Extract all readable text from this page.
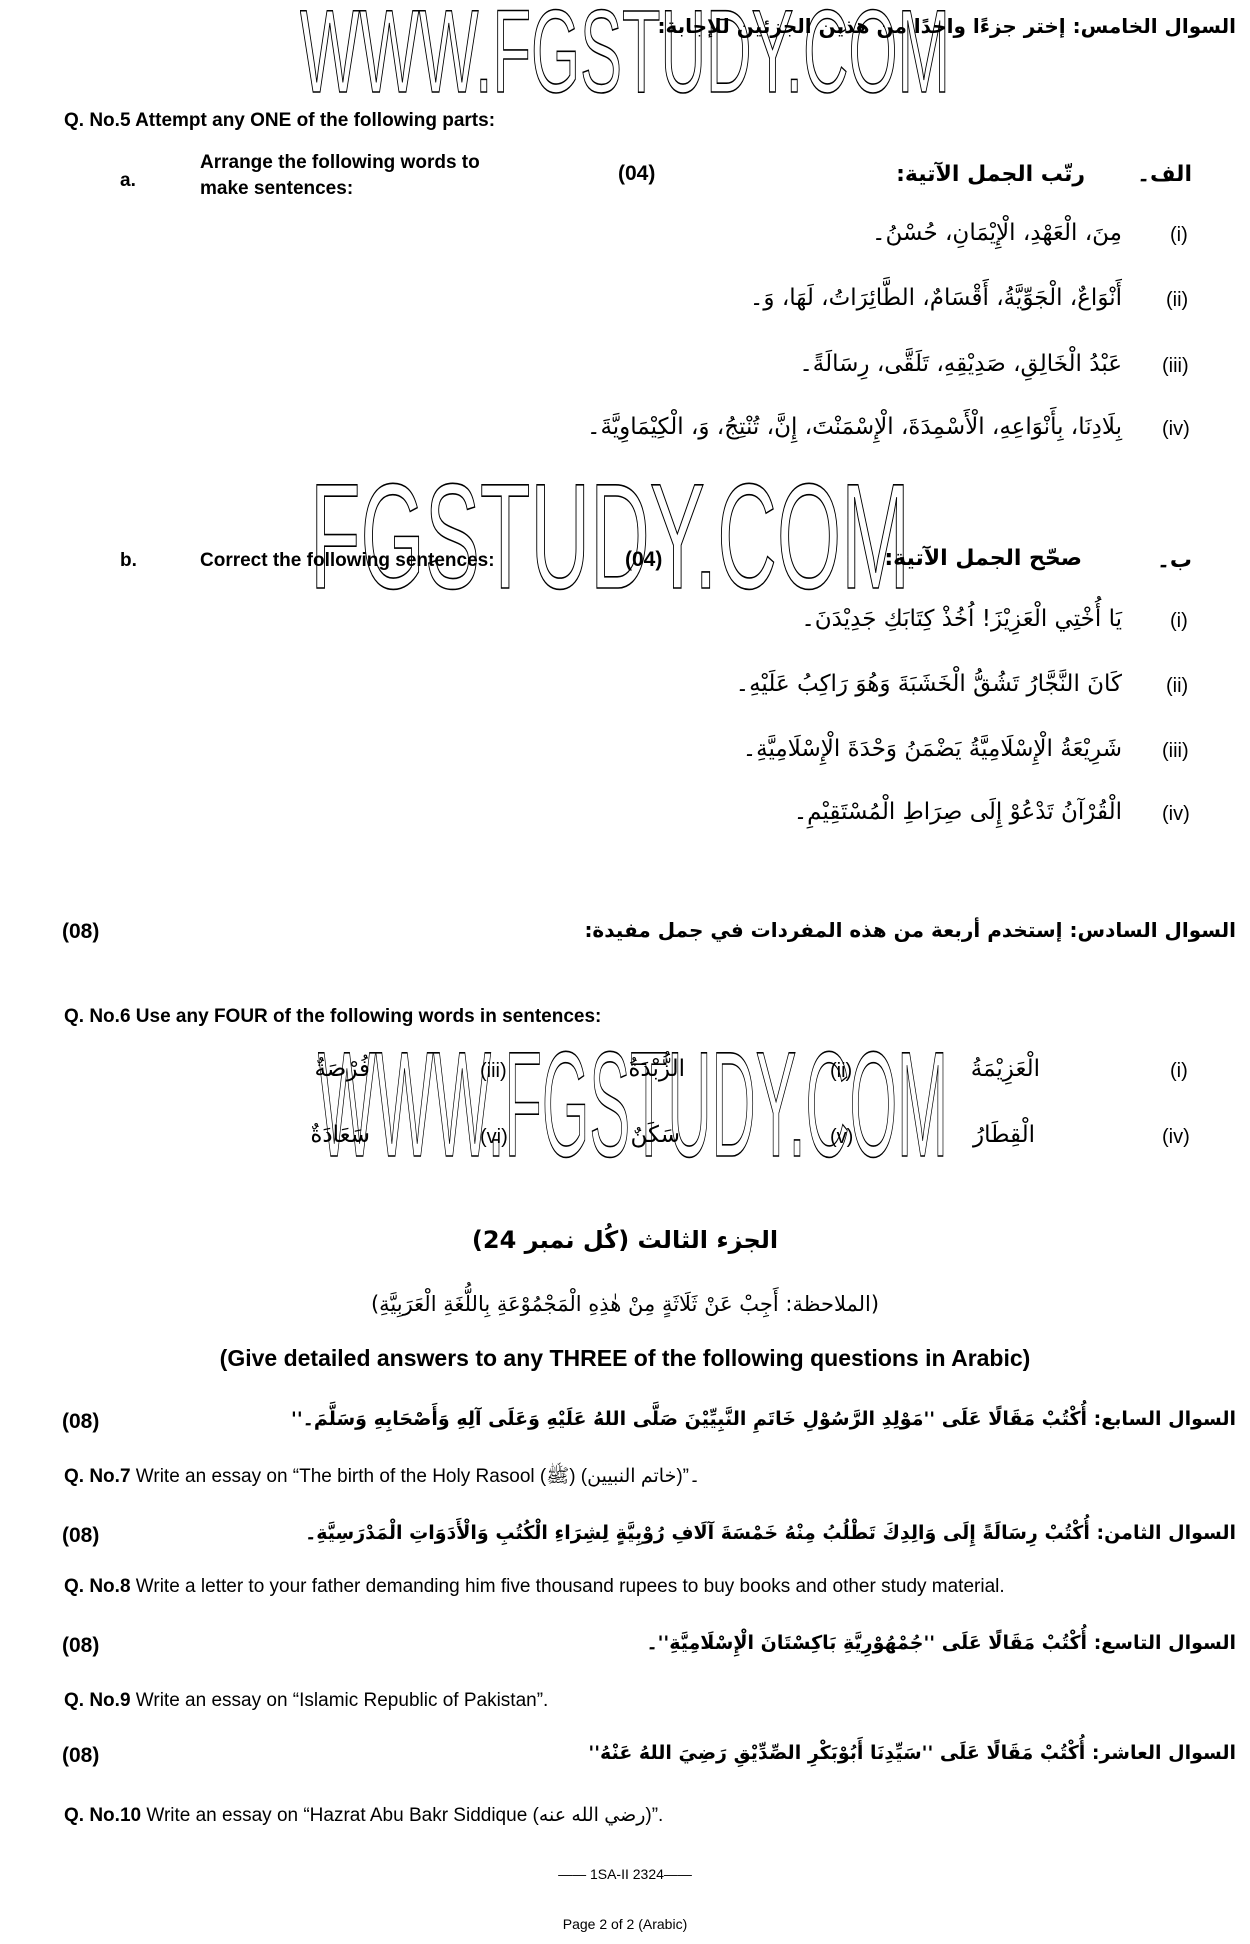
WWW.FGSTUDY.COM
السوال الخامس: إختر جزءًا واحدًا من هذين الجزئين للإجابة:
Q. No.5 Attempt any ONE of the following parts:
a.
Arrange the following words to
make sentences:
(04)	رتّب الجمل الآتية: الف۔
(i)
مِنَ، الْعَهْدِ، الْإِيْمَانِ، حُسْنُ۔
(ii)
أَنْوَاعٌ، الْجَوِّيَّةُ، أَقْسَامٌ، الطَّائِرَاتُ، لَهَا، وَ۔
(iii)
عَبْدُ الْخَالِقِ، صَدِيْقِهِ، تَلَقَّى، رِسَالَةً۔
(iv)
بِلَادِنَا، بِأَنْوَاعِهِ، الْأَسْمِدَةَ، الْإِسْمَنْتَ، إِنَّ، تُنْتِجُ، وَ، الْكِيْمَاوِيَّةَ۔
FGSTUDY.COM
b.	Correct the following sentences:	(04)	صحّح الجمل الآتية:	ب۔
(i)
يَا أُخْتِي الْعَزِيْزَ! اُخُذْ كِتَابَكِ جَدِيْدَنَ۔
(ii)
كَانَ النَّجَّارُ تَشُقُّ الْخَشَبَةَ وَهُوَ رَاكِبُ عَلَيْهِ۔
(iii)
شَرِيْعَةُ الْإِسْلَامِيَّةُ يَضْمَنُ وَحْدَةَ الْإِسْلَامِيَّةِ۔
(iv)
الْقُرْآنُ تَدْعُوْ إِلَى صِرَاطِ الْمُسْتَقِيْمِ۔
السوال السادس: إستخدم أربعة من هذه المفردات في جمل مفيدة:
(08)
Q. No.6 Use any FOUR of the following words in sentences:
(i)
الْعَزِيْمَةُ
(ii)
الزُّبْدَةُ
(iii)
فُرْصَةٌ
(iv)
الْقِطَارُ
(v)
سَكَنٌ
(vi)
سَعَادَةٌ
WWW.FGSTUDY.COM
الجزء الثالث (كُل نمبر 24)
(الملاحظة: أَجِبْ عَنْ ثَلَاثَةٍ مِنْ هٰذِهِ الْمَجْمُوْعَةِ بِاللُّغَةِ الْعَرَبِيَّةِ)
(Give detailed answers to any THREE of the following questions in Arabic)
السوال السابع: أُكْتُبْ مَقَالًا عَلَى ''مَوْلِدِ الرَّسُوْلِ خَاتَمِ النَّبِيِّيْنَ صَلَّى اللهُ عَلَيْهِ وَعَلَى آلِهِ وَأَصْحَابِهِ وَسَلَّمَ۔''
(08)
Q. No.7 Write an essay on “The birth of the Holy Rasool (ﷺ) (خاتم النبيين)”۔
السوال الثامن: أُكْتُبْ رِسَالَةً إِلَى وَالِدِكَ تَطْلُبُ مِنْهُ خَمْسَةَ آلَافِ رُوْبِيَّةٍ لِشِرَاءِ الْكُتُبِ وَالْأَدَوَاتِ الْمَدْرَسِيَّةِ۔
(08)
Q. No.8 Write a letter to your father demanding him five thousand rupees to buy books and other study material.
السوال التاسع: أُكْتُبْ مَقَالًا عَلَى ''جُمْهُوْرِيَّةِ بَاكِسْتَانَ الْإِسْلَامِيَّةِ''۔
(08)
Q. No.9 Write an essay on “Islamic Republic of Pakistan”.
السوال العاشر: أُكْتُبْ مَقَالًا عَلَى ''سَيِّدِنَا أَبُوْبَكْرِ الصِّدِّيْقِ رَضِيَ اللهُ عَنْهُ''
(08)
Q. No.10 Write an essay on “Hazrat Abu Bakr Siddique (رضي الله عنه)”.
—— 1SA-II 2324——
Page 2 of 2 (Arabic)
